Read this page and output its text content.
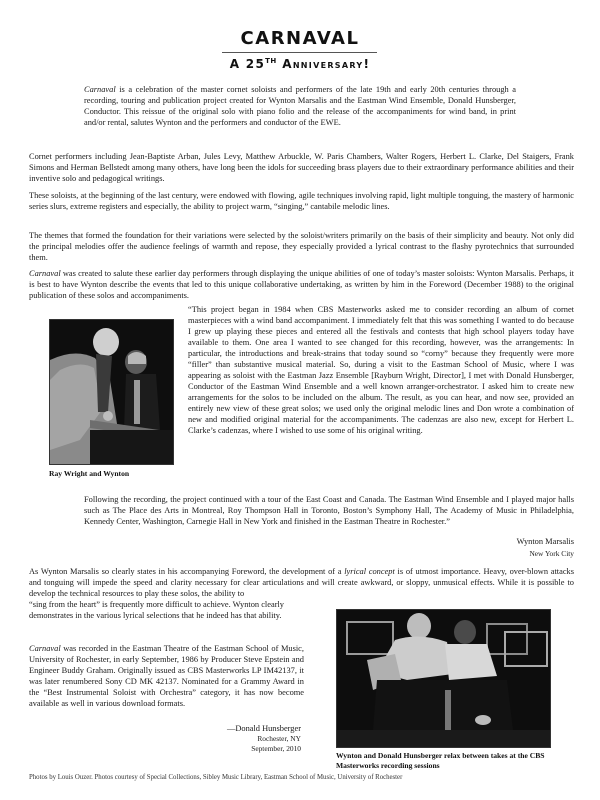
CARNAVAL
A 25TH Anniversary!

Carnaval is a celebration of the master cornet soloists and performers of the late 19th and early 20th centuries through a recording, touring and publication project created for Wynton Marsalis and the Eastman Wind Ensemble, Donald Hunsberger, Conductor. This reissue of the original solo with piano folio and the release of the accompaniments for wind band, in print and/or rental, salutes Wynton and the performers and conductor of the EWE.

Cornet performers including Jean-Baptiste Arban, Jules Levy, Matthew Arbuckle, W. Paris Chambers, Walter Rogers, Herbert L. Clarke, Del Staigers, Frank Simons and Herman Bellstedt among many others, have long been the idols for succeeding brass players due to their extraordinary performance abilities and their inventive solo and pedagogical writings.

These soloists, at the beginning of the last century, were endowed with flowing, agile techniques involving rapid, light multiple tonguing, the mastery of harmonic series slurs, extreme registers and especially, the ability to project warm, “singing,” cantabile melodic lines.

The themes that formed the foundation for their variations were selected by the soloist/writers primarily on the basis of their simplicity and beauty. Not only did the principal melodies offer the audience feelings of warmth and repose, they especially provided a lyrical contrast to the flashy pyrotechnics that surrounded them.

Carnaval was created to salute these earlier day performers through displaying the unique abilities of one of today’s master soloists: Wynton Marsalis. Perhaps, it is best to have Wynton describe the events that led to this unique collaborative undertaking, as written by him in the Foreword (December 1988) to the original publication of these solos and accompaniments.

Ray Wright and Wynton

“This project began in 1984 when CBS Masterworks asked me to consider recording an album of cornet masterpieces with a wind band accompaniment. I immediately felt that this was something I wanted to do because I grew up playing these pieces and entered all the festivals and contests that high school players today have available to them. One area I wanted to see changed for this recording, however, was the arrangements: In particular, the introductions and break-strains that today sound so “corny” because they frequently were more “filler” than substantive musical material. So, during a visit to the Eastman School of Music, where I was appearing as soloist with the Eastman Jazz Ensemble [Rayburn Wright, Director], I met with Donald Hunsberger, Conductor of the Eastman Wind Ensemble and a well known arranger-orchestrator. I asked him to create new arrangements for the solos to be included on the album. The result, as you can hear, and now see, provided an entirely new view of these great solos; we used only the original melodic lines and Don wrote a combination of new and modified original material for the accompaniments. The cadenzas are also new, except for Herbert L. Clarke’s cadenzas, where I wished to use some of his original writing.

Following the recording, the project continued with a tour of the East Coast and Canada. The Eastman Wind Ensemble and I played major halls such as The Place des Arts in Montreal, Roy Thompson Hall in Toronto, Boston’s Symphony Hall, The Academy of Music in Philadelphia, Kennedy Center, Washington, Carnegie Hall in New York and finished in the Eastman Theatre in Rochester.”

Wynton Marsalis
New York City

As Wynton Marsalis so clearly states in his accompanying Foreword, the development of a lyrical concept is of utmost importance. Heavy, over-blown attacks and tonguing will impede the speed and clarity necessary for clear articulations and will create awkward, or sloppy, unmusical effects. While it is possible to develop the technical resources to play these solos, the ability to

“sing from the heart” is frequently more difficult to achieve. Wynton clearly demonstrates in the various lyrical selections that he indeed has that ability.

Carnaval was recorded in the Eastman Theatre of the Eastman School of Music, University of Rochester, in early September, 1986 by Producer Steve Epstein and Engineer Buddy Graham. Originally issued as CBS Masterworks LP IM42137, it was later renumbered Sony CD MK 42137. Nominated for a Grammy Award in the “Best Instrumental Soloist with Orchestra” category, it has now become available as well in various download formats.

—Donald Hunsberger
Rochester, NY
September, 2010
Wynton and Donald Hunsberger relax between takes at the CBS Masterworks recording sessions
Photos by Louis Ouzer. Photos courtesy of Special Collections, Sibley Music Library, Eastman School of Music, University of Rochester
